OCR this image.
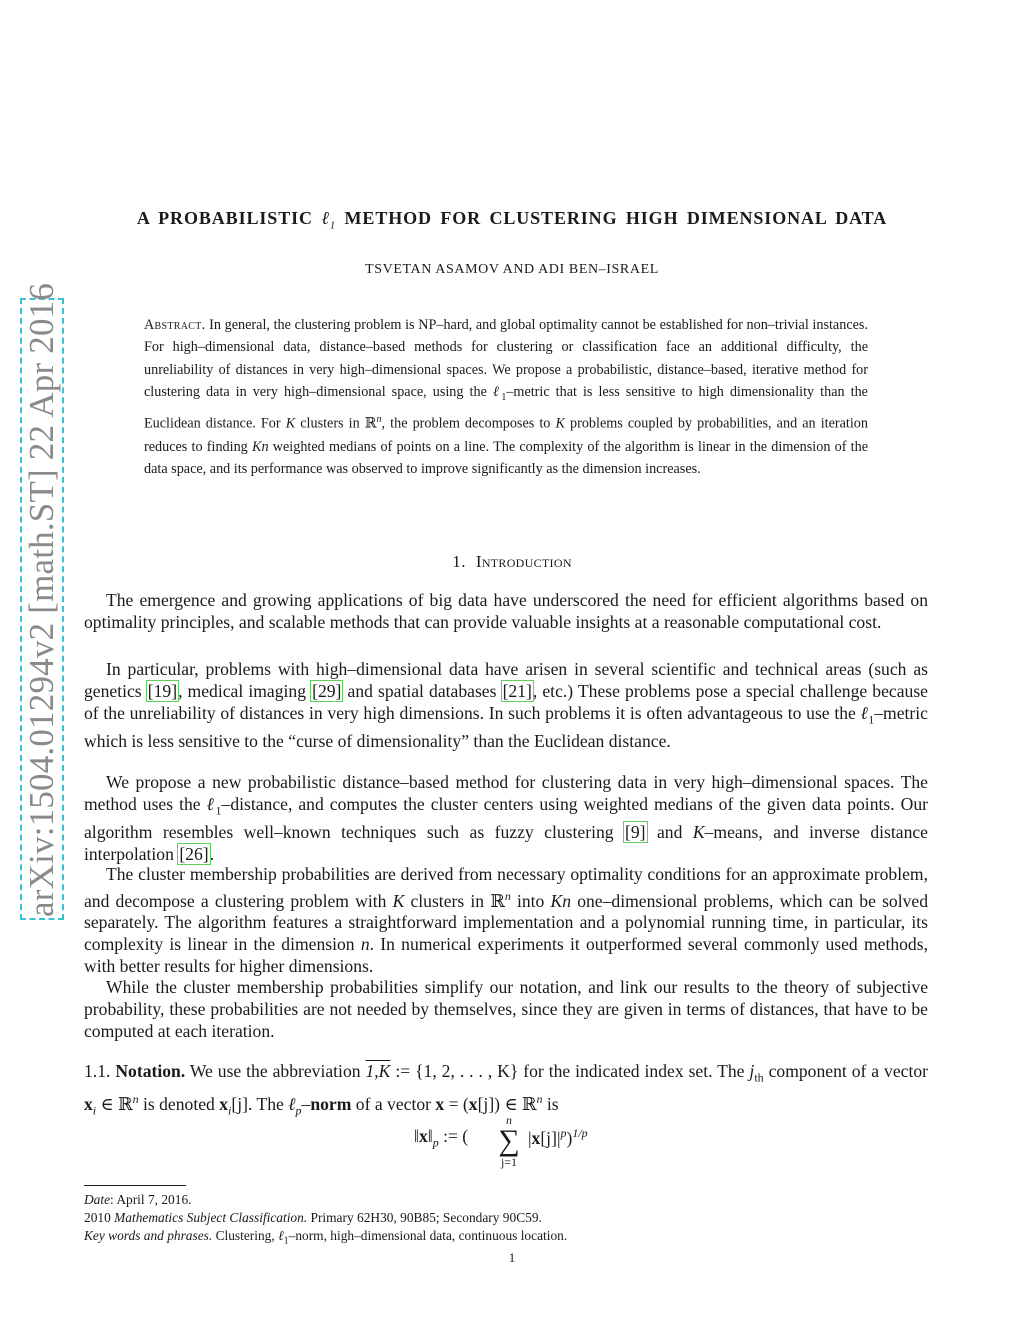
arXiv:1504.01294v2 [math.ST] 22 Apr 2016
A PROBABILISTIC ℓ$_1$ METHOD FOR CLUSTERING HIGH DIMENSIONAL DATA
TSVETAN ASAMOV AND ADI BEN–ISRAEL
Abstract. In general, the clustering problem is NP–hard, and global optimality cannot be established for non–trivial instances. For high–dimensional data, distance–based methods for clustering or classification face an additional difficulty, the unreliability of distances in very high–dimensional spaces. We propose a probabilistic, distance–based, iterative method for clustering data in very high–dimensional space, using the ℓ$_1$–metric that is less sensitive to high dimensionality than the Euclidean distance. For K clusters in ℝ$^n$, the problem decomposes to K problems coupled by probabilities, and an iteration reduces to finding Kn weighted medians of points on a line. The complexity of the algorithm is linear in the dimension of the data space, and its performance was observed to improve significantly as the dimension increases.
1. Introduction

The emergence and growing applications of big data have underscored the need for efficient algorithms based on optimality principles, and scalable methods that can provide valuable insights at a reasonable computational cost.

In particular, problems with high–dimensional data have arisen in several scientific and technical areas (such as genetics [19], medical imaging [29] and spatial databases [21], etc.) These problems pose a special challenge because of the unreliability of distances in very high dimensions. In such problems it is often advantageous to use the ℓ$_1$–metric which is less sensitive to the “curse of dimensionality” than the Euclidean distance.

We propose a new probabilistic distance–based method for clustering data in very high–dimensional spaces. The method uses the ℓ$_1$–distance, and computes the cluster centers using weighted medians of the given data points. Our algorithm resembles well–known techniques such as fuzzy clustering [9] and K–means, and inverse distance interpolation [26].

The cluster membership probabilities are derived from necessary optimality conditions for an approximate problem, and decompose a clustering problem with K clusters in ℝ$^n$ into Kn one–dimensional problems, which can be solved separately. The algorithm features a straightforward implementation and a polynomial running time, in particular, its complexity is linear in the dimension n. In numerical experiments it outperformed several commonly used methods, with better results for higher dimensions.

While the cluster membership probabilities simplify our notation, and link our results to the theory of subjective probability, these probabilities are not needed by themselves, since they are given in terms of distances, that have to be computed at each iteration.

1.1. Notation. We use the abbreviation 1,K := {1, 2, . . . , K} for the indicated index set. The $j_{th}$ component of a vector $x_i$ ∈ ℝ$^n$ is denoted $x_i[j]$. The ℓ$_p$–norm of a vector x = (x[j]) ∈ ℝ$^n$ is

$‖x‖_p$ := (
n
∑
j=1
$|x[j]|^p)^{1/p}$
Date: April 7, 2016.
2010 Mathematics Subject Classification. Primary 62H30, 90B85; Secondary 90C59.
Key words and phrases. Clustering, ℓ$_1$–norm, high–dimensional data, continuous location.
1
